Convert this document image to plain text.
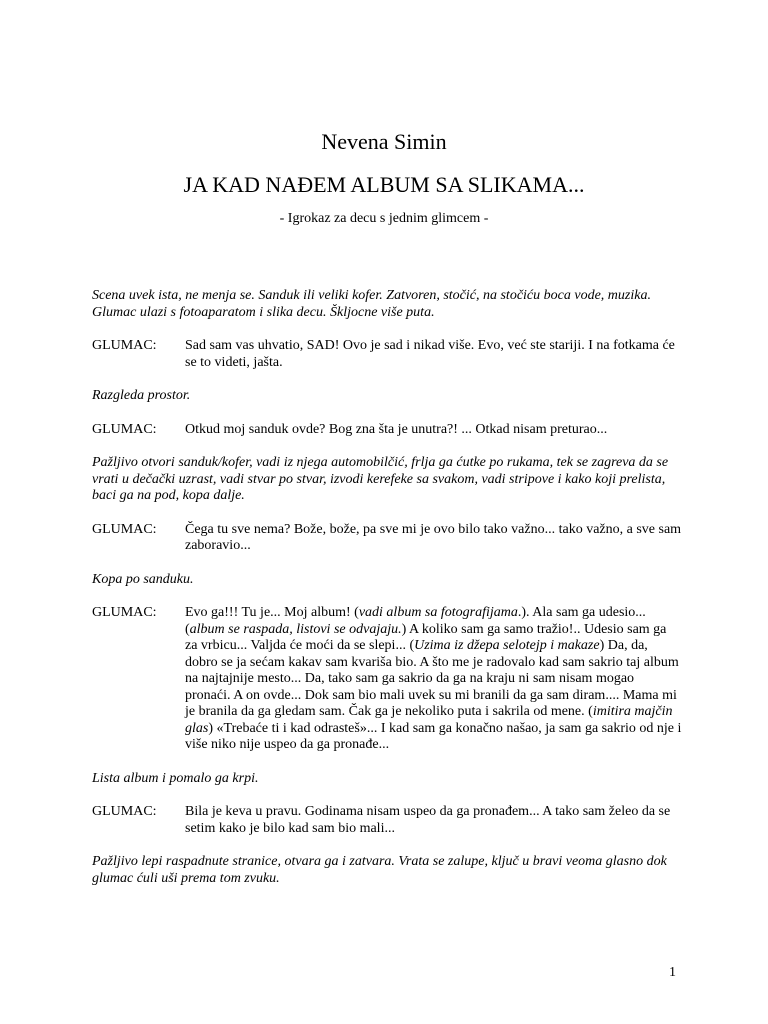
Nevena Simin
JA KAD NAĐEM ALBUM SA SLIKAMA...
- Igrokaz za decu s jednim glimcem -

Scena uvek ista, ne menja se. Sanduk ili veliki kofer. Zatvoren, stočić, na stočiću boca vode, muzika.

Glumac ulazi s fotoaparatom i slika decu. Škljocne više puta.

GLUMAC:	Sad sam vas uhvatio, SAD! Ovo je sad i nikad više. Evo, već ste stariji. I na fotkama će se to videti, jašta.

Razgleda prostor.

GLUMAC:	Otkud moj sanduk ovde? Bog zna šta je unutra?! ... Otkad nisam preturao...

Pažljivo otvori sanduk/kofer, vadi iz njega automobilčić, frlja ga ćutke po rukama, tek se zagreva da se vrati u dečački uzrast, vadi stvar po stvar, izvodi kerefeke sa svakom, vadi stripove i kako koji prelista, baci ga na pod, kopa dalje.

GLUMAC:	Čega tu sve nema? Bože, bože, pa sve mi je ovo bilo tako važno... tako važno, a sve sam zaboravio...

Kopa po sanduku.

GLUMAC:	Evo ga!!! Tu je... Moj album! (vadi album sa fotografijama.). Ala sam ga udesio... (album se raspada, listovi se odvajaju.) A koliko sam ga samo tražio!.. Udesio sam ga za vrbicu... Valjda će moći da se slepi... (Uzima iz džepa selotejp i makaze) Da, da, dobro se ja sećam kakav sam kvariša bio. A što me je radovalo kad sam sakrio taj album na najtajnije mesto... Da, tako sam ga sakrio da ga na kraju ni sam nisam mogao pronaći. A on ovde... Dok sam bio mali uvek su mi branili da ga sam diram.... Mama mi je branila da ga gledam sam. Čak ga je nekoliko puta i sakrila od mene. (imitira majčin glas) «Trebaće ti i kad odrasteš»... I kad sam ga konačno našao, ja sam ga sakrio od nje i više niko nije uspeo da ga pronađe...

Lista album i pomalo ga krpi.

GLUMAC:	Bila je keva u pravu. Godinama nisam uspeo da ga pronađem... A tako sam želeo da se setim kako je bilo kad sam bio mali...

Pažljivo lepi raspadnute stranice, otvara ga i zatvara. Vrata se zalupe, ključ u bravi veoma glasno dok glumac ćuli uši prema tom zvuku.

1
